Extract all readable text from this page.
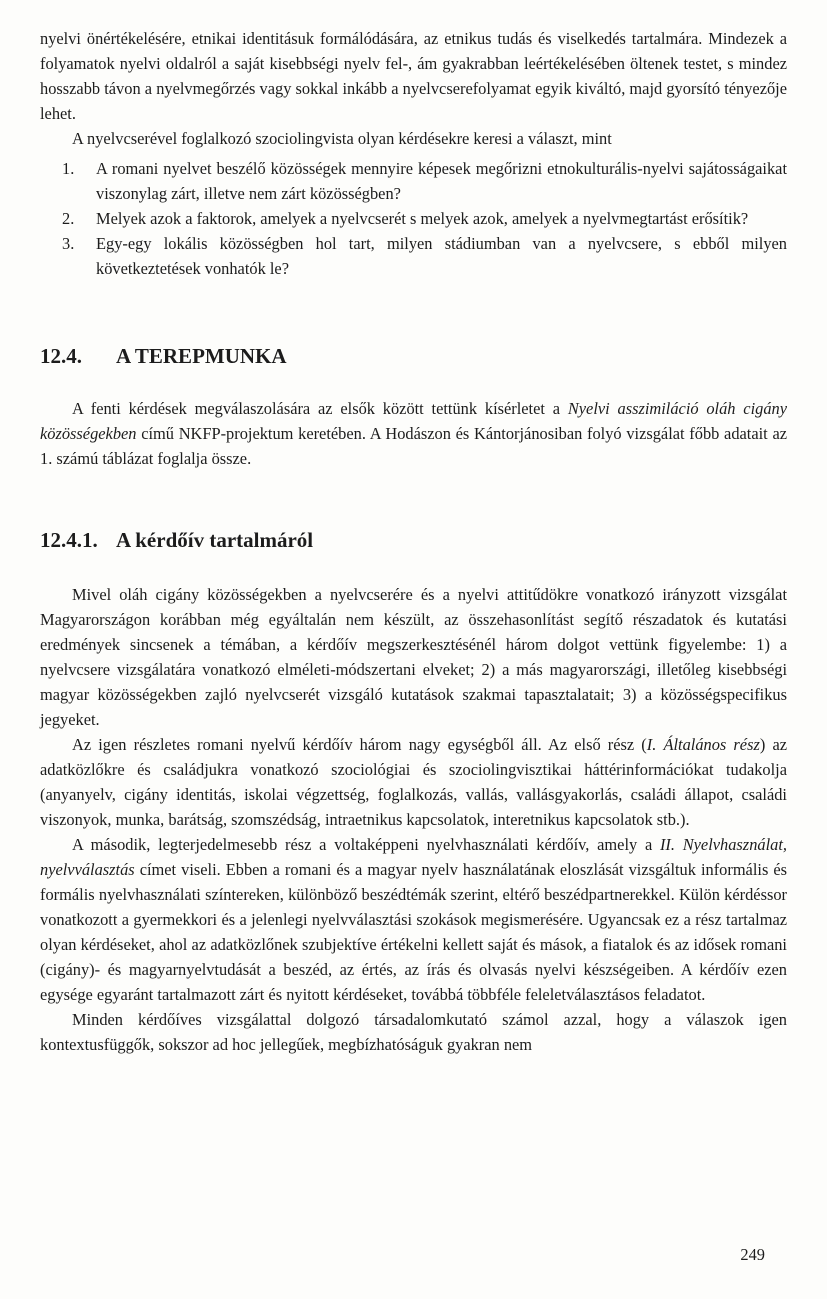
nyelvi önértékelésére, etnikai identitásuk formálódására, az etnikus tudás és viselkedés tartalmára. Mindezek a folyamatok nyelvi oldalról a saját kisebbségi nyelv fel-, ám gyakrabban leértékelésében öltenek testet, s mindez hosszabb távon a nyelvmegőrzés vagy sokkal inkább a nyelvcserefolyamat egyik kiváltó, majd gyorsító tényezője lehet.

A nyelvcserével foglalkozó szociolingvista olyan kérdésekre keresi a választ, mint

1. A romani nyelvet beszélő közösségek mennyire képesek megőrizni etnokulturális-nyelvi sajátosságaikat viszonylag zárt, illetve nem zárt közösségben?
2. Melyek azok a faktorok, amelyek a nyelvcserét s melyek azok, amelyek a nyelvmegtartást erősítik?
3. Egy-egy lokális közösségben hol tart, milyen stádiumban van a nyelvcsere, s ebből milyen következtetések vonhatók le?
12.4. A TEREPMUNKA

A fenti kérdések megválaszolására az elsők között tettünk kísérletet a Nyelvi asszimiláció oláh cigány közösségekben című NKFP-projektum keretében. A Hodászon és Kántorjánosiban folyó vizsgálat főbb adatait az 1. számú táblázat foglalja össze.

12.4.1. A kérdőív tartalmáról

Mivel oláh cigány közösségekben a nyelvcserére és a nyelvi attitűdökre vonatkozó irányzott vizsgálat Magyarországon korábban még egyáltalán nem készült, az összehasonlítást segítő részadatok és kutatási eredmények sincsenek a témában, a kérdőív megszerkesztésénél három dolgot vettünk figyelembe: 1) a nyelvcsere vizsgálatára vonatkozó elméleti-módszertani elveket; 2) a más magyarországi, illetőleg kisebbségi magyar közösségekben zajló nyelvcserét vizsgáló kutatások szakmai tapasztalatait; 3) a közösségspecifikus jegyeket.

Az igen részletes romani nyelvű kérdőív három nagy egységből áll. Az első rész (I. Általános rész) az adatközlőkre és családjukra vonatkozó szociológiai és szociolingvisztikai háttérinformációkat tudakolja (anyanyelv, cigány identitás, iskolai végzettség, foglalkozás, vallás, vallásgyakorlás, családi állapot, családi viszonyok, munka, barátság, szomszédság, intraetnikus kapcsolatok, interetnikus kapcsolatok stb.).

A második, legterjedelmesebb rész a voltaképpeni nyelvhasználati kérdőív, amely a II. Nyelvhasználat, nyelvválasztás címet viseli. Ebben a romani és a magyar nyelv használatának eloszlását vizsgáltuk informális és formális nyelvhasználati színtereken, különböző beszédtémák szerint, eltérő beszédpartnerekkel. Külön kérdéssor vonatkozott a gyermekkori és a jelenlegi nyelvválasztási szokások megismerésére. Ugyancsak ez a rész tartalmaz olyan kérdéseket, ahol az adatközlőnek szubjektíve értékelni kellett saját és mások, a fiatalok és az idősek romani (cigány)- és magyarnyelvtudását a beszéd, az értés, az írás és olvasás nyelvi készségeiben. A kérdőív ezen egysége egyaránt tartalmazott zárt és nyitott kérdéseket, továbbá többféle feleletválasztásos feladatot.

Minden kérdőíves vizsgálattal dolgozó társadalomkutató számol azzal, hogy a válaszok igen kontextusfüggők, sokszor ad hoc jellegűek, megbízhatóságuk gyakran nem

249
